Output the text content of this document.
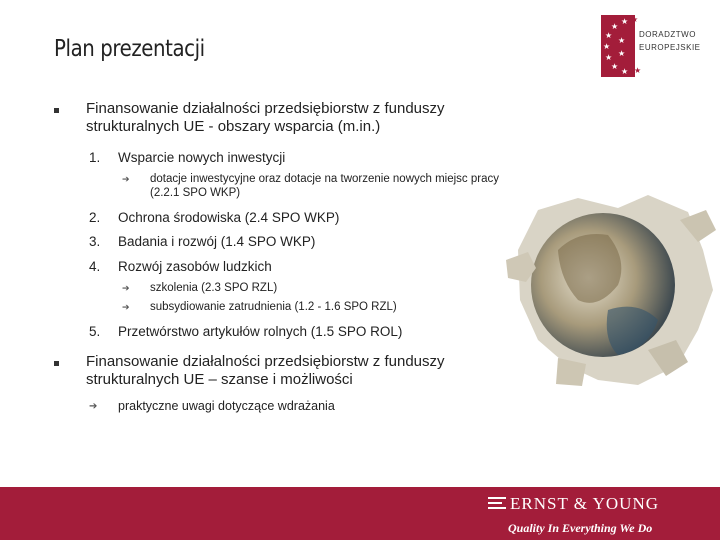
Plan prezentacji
★
★
★
★
★
★
★
★
★
★
★
DORADZTWO
EUROPEJSKIE
Finansowanie działalności przedsiębiorstw z funduszy
strukturalnych UE - obszary wsparcia (m.in.)
1. Wsparcie nowych inwestycji
➔ dotacje inwestycyjne oraz dotacje na tworzenie nowych miejsc pracy
(2.2.1 SPO WKP)
2. Ochrona środowiska (2.4 SPO WKP)
3. Badania i rozwój (1.4 SPO WKP)
4. Rozwój zasobów ludzkich
➔ szkolenia (2.3 SPO RZL)
➔ subsydiowanie zatrudnienia (1.2 - 1.6 SPO RZL)
5. Przetwórstwo artykułów rolnych (1.5 SPO ROL)
Finansowanie działalności przedsiębiorstw z funduszy
strukturalnych UE – szanse i możliwości
➔ praktyczne uwagi dotyczące wdrażania
2
ERNST & YOUNG
Quality In Everything We Do
